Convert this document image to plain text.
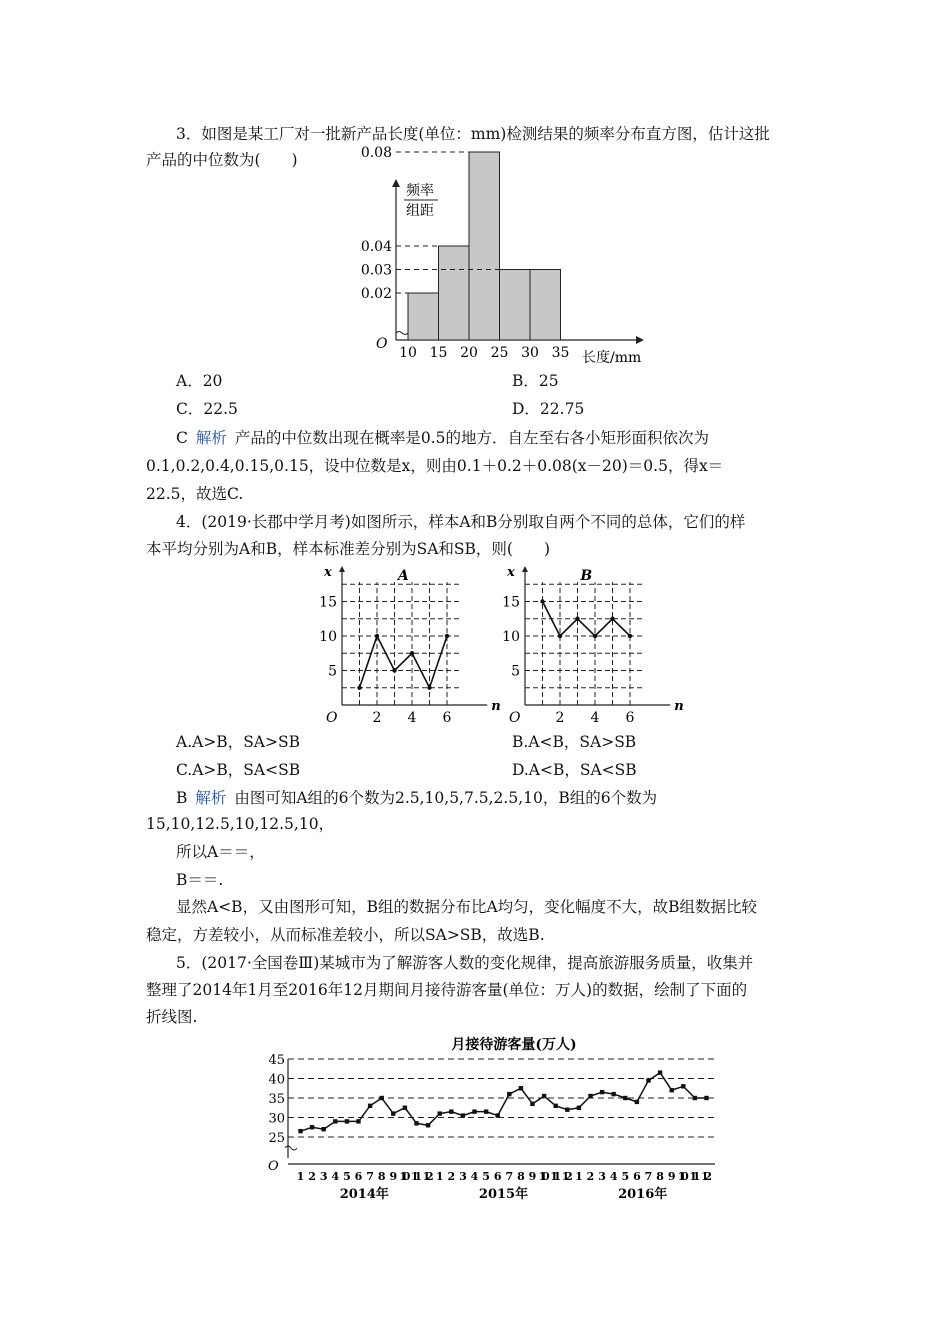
3．如图是某工厂对一批新产品长度(单位：mm)检测结果的频率分布直方图，估计这批
产品的中位数为(　　)
0.02
0.03
0.04
0.08
10 15 20 25 30 35
O
长度/mm
频率
组距
A．20	B．25
C．22.5	D．22.75
C 解析 产品的中位数出现在概率是0.5的地方．自左至右各小矩形面积依次为
0.1,0.2,0.4,0.15,0.15，设中位数是x，则由0.1＋0.2＋0.08(x－20)＝0.5，得x＝
22.5，故选C.
4．(2019·长郡中学月考)如图所示，样本A和B分别取自两个不同的总体，它们的样
本平均分别为A和B，样本标准差分别为SA和SB，则(　　)
5
10
15
2 4 6
O
x
n
A
5
10
15
2 4 6
O
x
n
B
A.A>B，SA>SB	B.A<B，SA>SB
C.A>B，SA<SB	D.A<B，SA<SB
B 解析 由图可知A组的6个数为2.5,10,5,7.5,2.5,10，B组的6个数为
15,10,12.5,10,12.5,10，
所以A＝＝，
B＝＝.
显然A<B，又由图形可知，B组的数据分布比A均匀，变化幅度不大，故B组数据比较
稳定，方差较小，从而标准差较小，所以SA>SB，故选B.
5．(2017·全国卷Ⅲ)某城市为了解游客人数的变化规律，提高旅游服务质量，收集并
整理了2014年1月至2016年12月期间月接待游客量(单位：万人)的数据，绘制了下面的
折线图.
月接待游客量(万人)
25
30
35
40
45
O
1 2 3 4 5 6 7 8 9 10 11 12 1 2 3 4 5 6 7 8 9 10 11 12 1 2 3 4 5 6 7 8 9 10 11 12
2014年	2015年	2016年
